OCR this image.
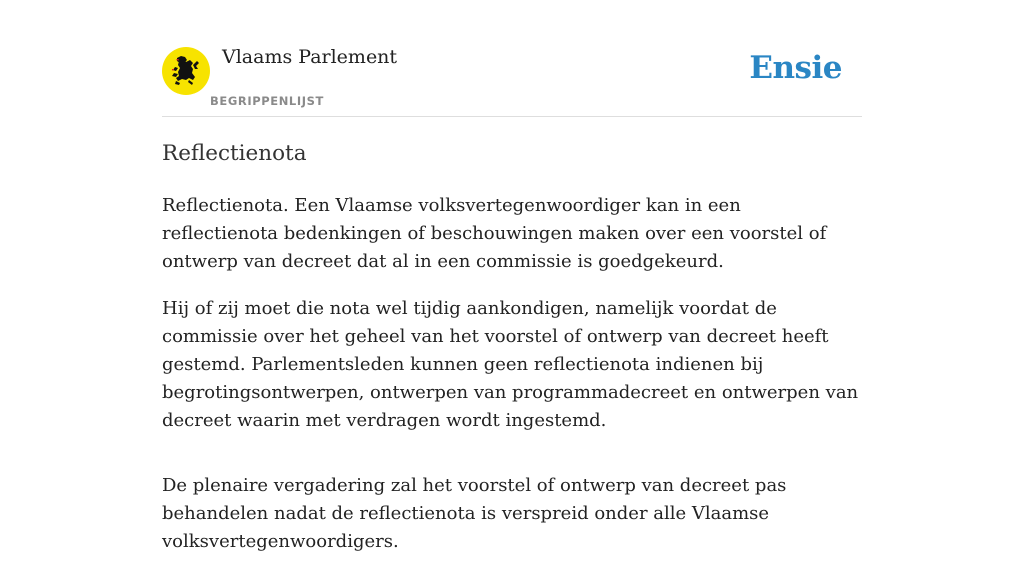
Vlaams Parlement
BEGRIPPENLIJST
Ensie
Reflectienota

Reflectienota. Een Vlaamse volksvertegenwoordiger kan in een reflectienota bedenkingen of beschouwingen maken over een voorstel of ontwerp van decreet dat al in een commissie is goedgekeurd.

Hij of zij moet die nota wel tijdig aankondigen, namelijk voordat de commissie over het geheel van het voorstel of ontwerp van decreet heeft gestemd. Parlementsleden kunnen geen reflectienota indienen bij begrotingsontwerpen, ontwerpen van programmadecreet en ontwerpen van decreet waarin met verdragen wordt ingestemd.

De plenaire vergadering zal het voorstel of ontwerp van decreet pas behandelen nadat de reflectienota is verspreid onder alle Vlaamse volksvertegenwoordigers.
